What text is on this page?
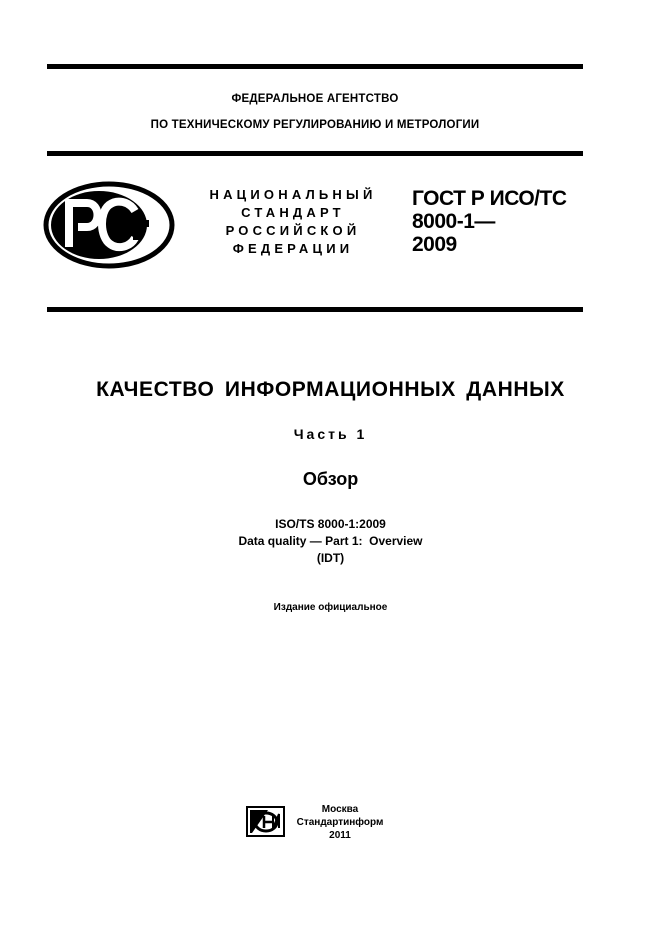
ФЕДЕРАЛЬНОЕ АГЕНТСТВО
ПО ТЕХНИЧЕСКОМУ РЕГУЛИРОВАНИЮ И МЕТРОЛОГИИ
НАЦИОНАЛЬНЫЙ
СТАНДАРТ
РОССИЙСКОЙ
ФЕДЕРАЦИИ
ГОСТ Р ИСО/ТС
8000-1—
2009
КАЧЕСТВО ИНФОРМАЦИОННЫХ ДАННЫХ
Часть 1
Обзор
ISO/TS 8000-1:2009
Data quality — Part 1:  Overview
(IDT)
Издание официальное
Москва
Стандартинформ
2011
